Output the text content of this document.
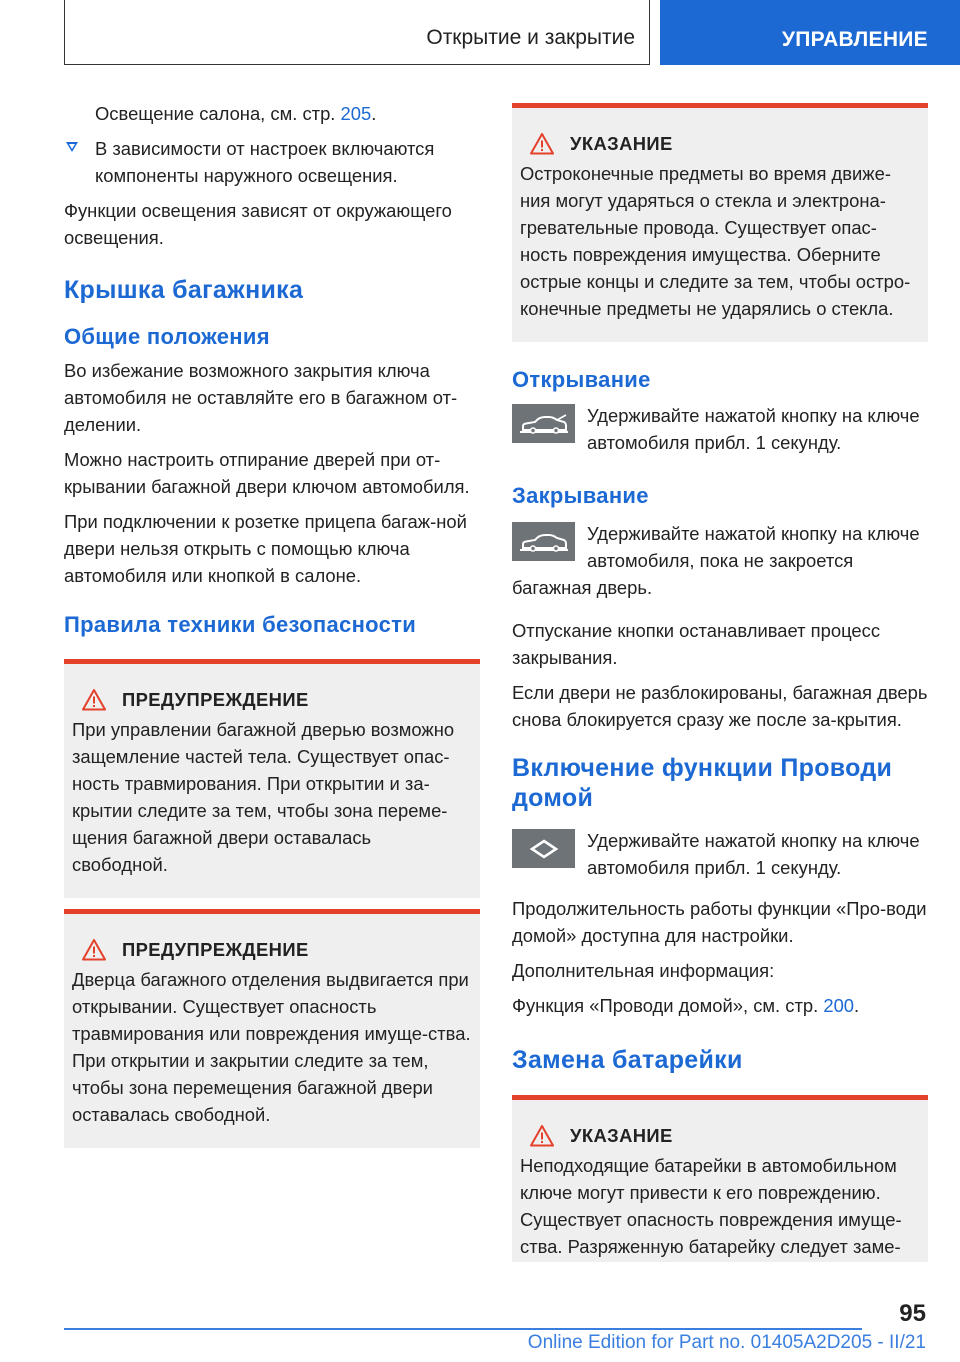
Открытие и закрытие	УПРАВЛЕНИЕ

Освещение салона, см. стр. 205.

В зависимости от настроек включаются компоненты наружного освещения.

Функции освещения зависят от окружающего освещения.

Крышка багажника
Общие положения

Во избежание возможного закрытия ключа автомобиля не оставляйте его в багажном от‐делении.

Можно настроить отпирание дверей при от‐крывании багажной двери ключом автомобиля.

При подключении к розетке прицепа багаж‐ной двери нельзя открыть с помощью ключа автомобиля или кнопкой в салоне.

Правила техники безопасности
ПРЕДУПРЕЖДЕНИЕ

При управлении багажной дверью возможно защемление частей тела. Существует опас‐ность травмирования. При открытии и за‐крытии следите за тем, чтобы зона переме‐щения багажной двери оставалась свободной.

ПРЕДУПРЕЖДЕНИЕ

Дверца багажного отделения выдвигается при открывании. Существует опасность травмирования или повреждения имуще‐ства. При открытии и закрытии следите за тем, чтобы зона перемещения багажной двери оставалась свободной.

УКАЗАНИЕ

Остроконечные предметы во время движе‐ния могут ударяться о стекла и электрона‐гревательные провода. Существует опас‐ность повреждения имущества. Оберните острые концы и следите за тем, чтобы остро‐конечные предметы не ударялись о стекла.

Открывание

Удерживайте нажатой кнопку на ключе автомобиля прибл. 1 секунду.

Закрывание

Удерживайте нажатой кнопку на ключе автомобиля, пока не закроется

багажная дверь.

Отпускание кнопки останавливает процесс закрывания.

Если двери не разблокированы, багажная дверь снова блокируется сразу же после за‐крытия.

Включение функции Проводи домой

Удерживайте нажатой кнопку на ключе автомобиля прибл. 1 секунду.

Продолжительность работы функции «Про‐води домой» доступна для настройки.

Дополнительная информация:

Функция «Проводи домой», см. стр. 200.

Замена батарейки
УКАЗАНИЕ

Неподходящие батарейки в автомобильном ключе могут привести к его повреждению. Существует опасность повреждения имуще‐ства. Разряженную батарейку следует заме‐

95
Online Edition for Part no. 01405A2D205 - II/21
